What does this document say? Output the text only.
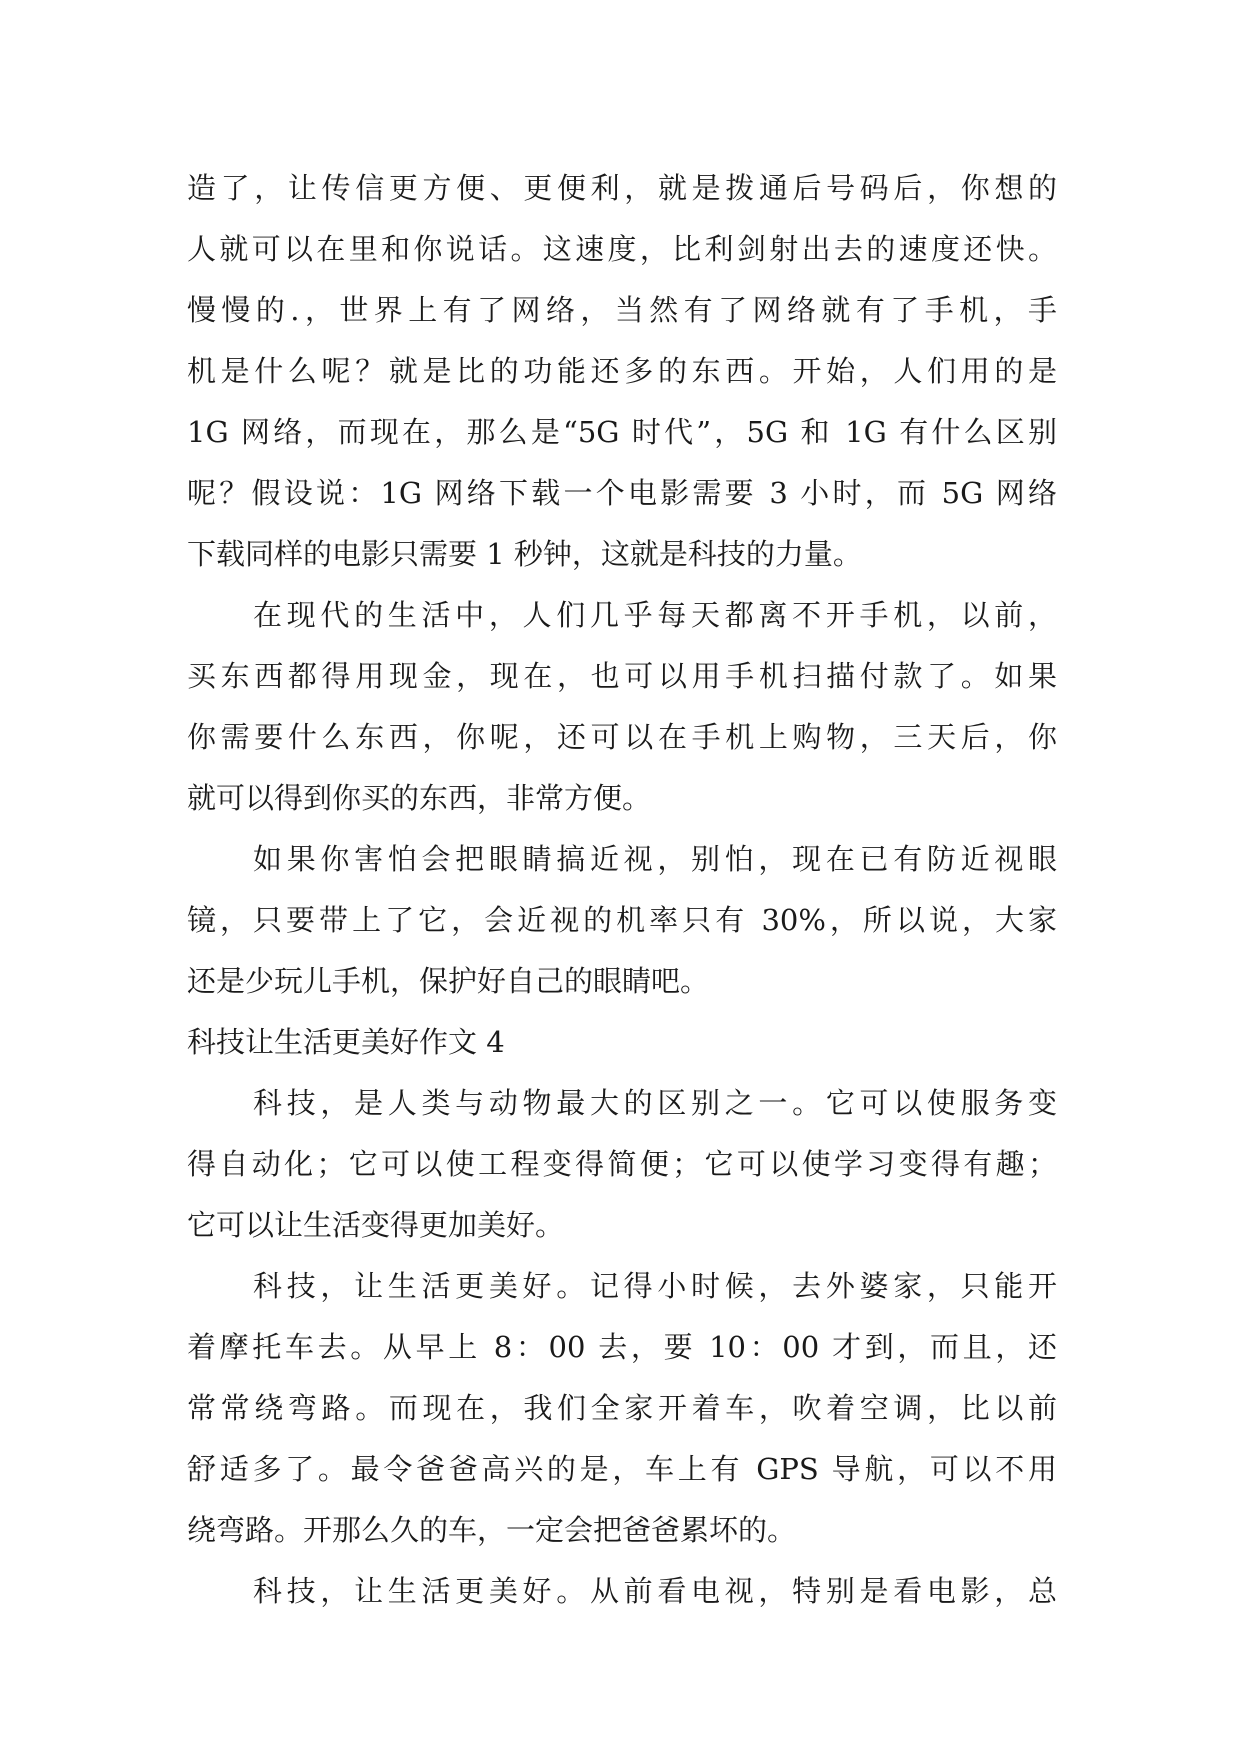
造了，让传信更方便、更便利，就是拨通后号码后，你想的
人就可以在里和你说话。这速度，比利剑射出去的速度还快。
慢慢的.，世界上有了网络，当然有了网络就有了手机，手
机是什么呢？就是比的功能还多的东西。开始，人们用的是
1G 网络，而现在，那么是“5G 时代”，5G 和 1G 有什么区别
呢？假设说：1G 网络下载一个电影需要 3 小时，而 5G 网络
下载同样的电影只需要 1 秒钟，这就是科技的力量。
在现代的生活中，人们几乎每天都离不开手机，以前，
买东西都得用现金，现在，也可以用手机扫描付款了。如果
你需要什么东西，你呢，还可以在手机上购物，三天后，你
就可以得到你买的东西，非常方便。
如果你害怕会把眼睛搞近视，别怕，现在已有防近视眼
镜，只要带上了它，会近视的机率只有 30%，所以说，大家
还是少玩儿手机，保护好自己的眼睛吧。
科技让生活更美好作文 4
科技，是人类与动物最大的区别之一。它可以使服务变
得自动化；它可以使工程变得简便；它可以使学习变得有趣；
它可以让生活变得更加美好。
科技，让生活更美好。记得小时候，去外婆家，只能开
着摩托车去。从早上 8：00 去，要 10：00 才到，而且，还
常常绕弯路。而现在，我们全家开着车，吹着空调，比以前
舒适多了。最令爸爸高兴的是，车上有 GPS 导航，可以不用
绕弯路。开那么久的车，一定会把爸爸累坏的。
科技，让生活更美好。从前看电视，特别是看电影，总
